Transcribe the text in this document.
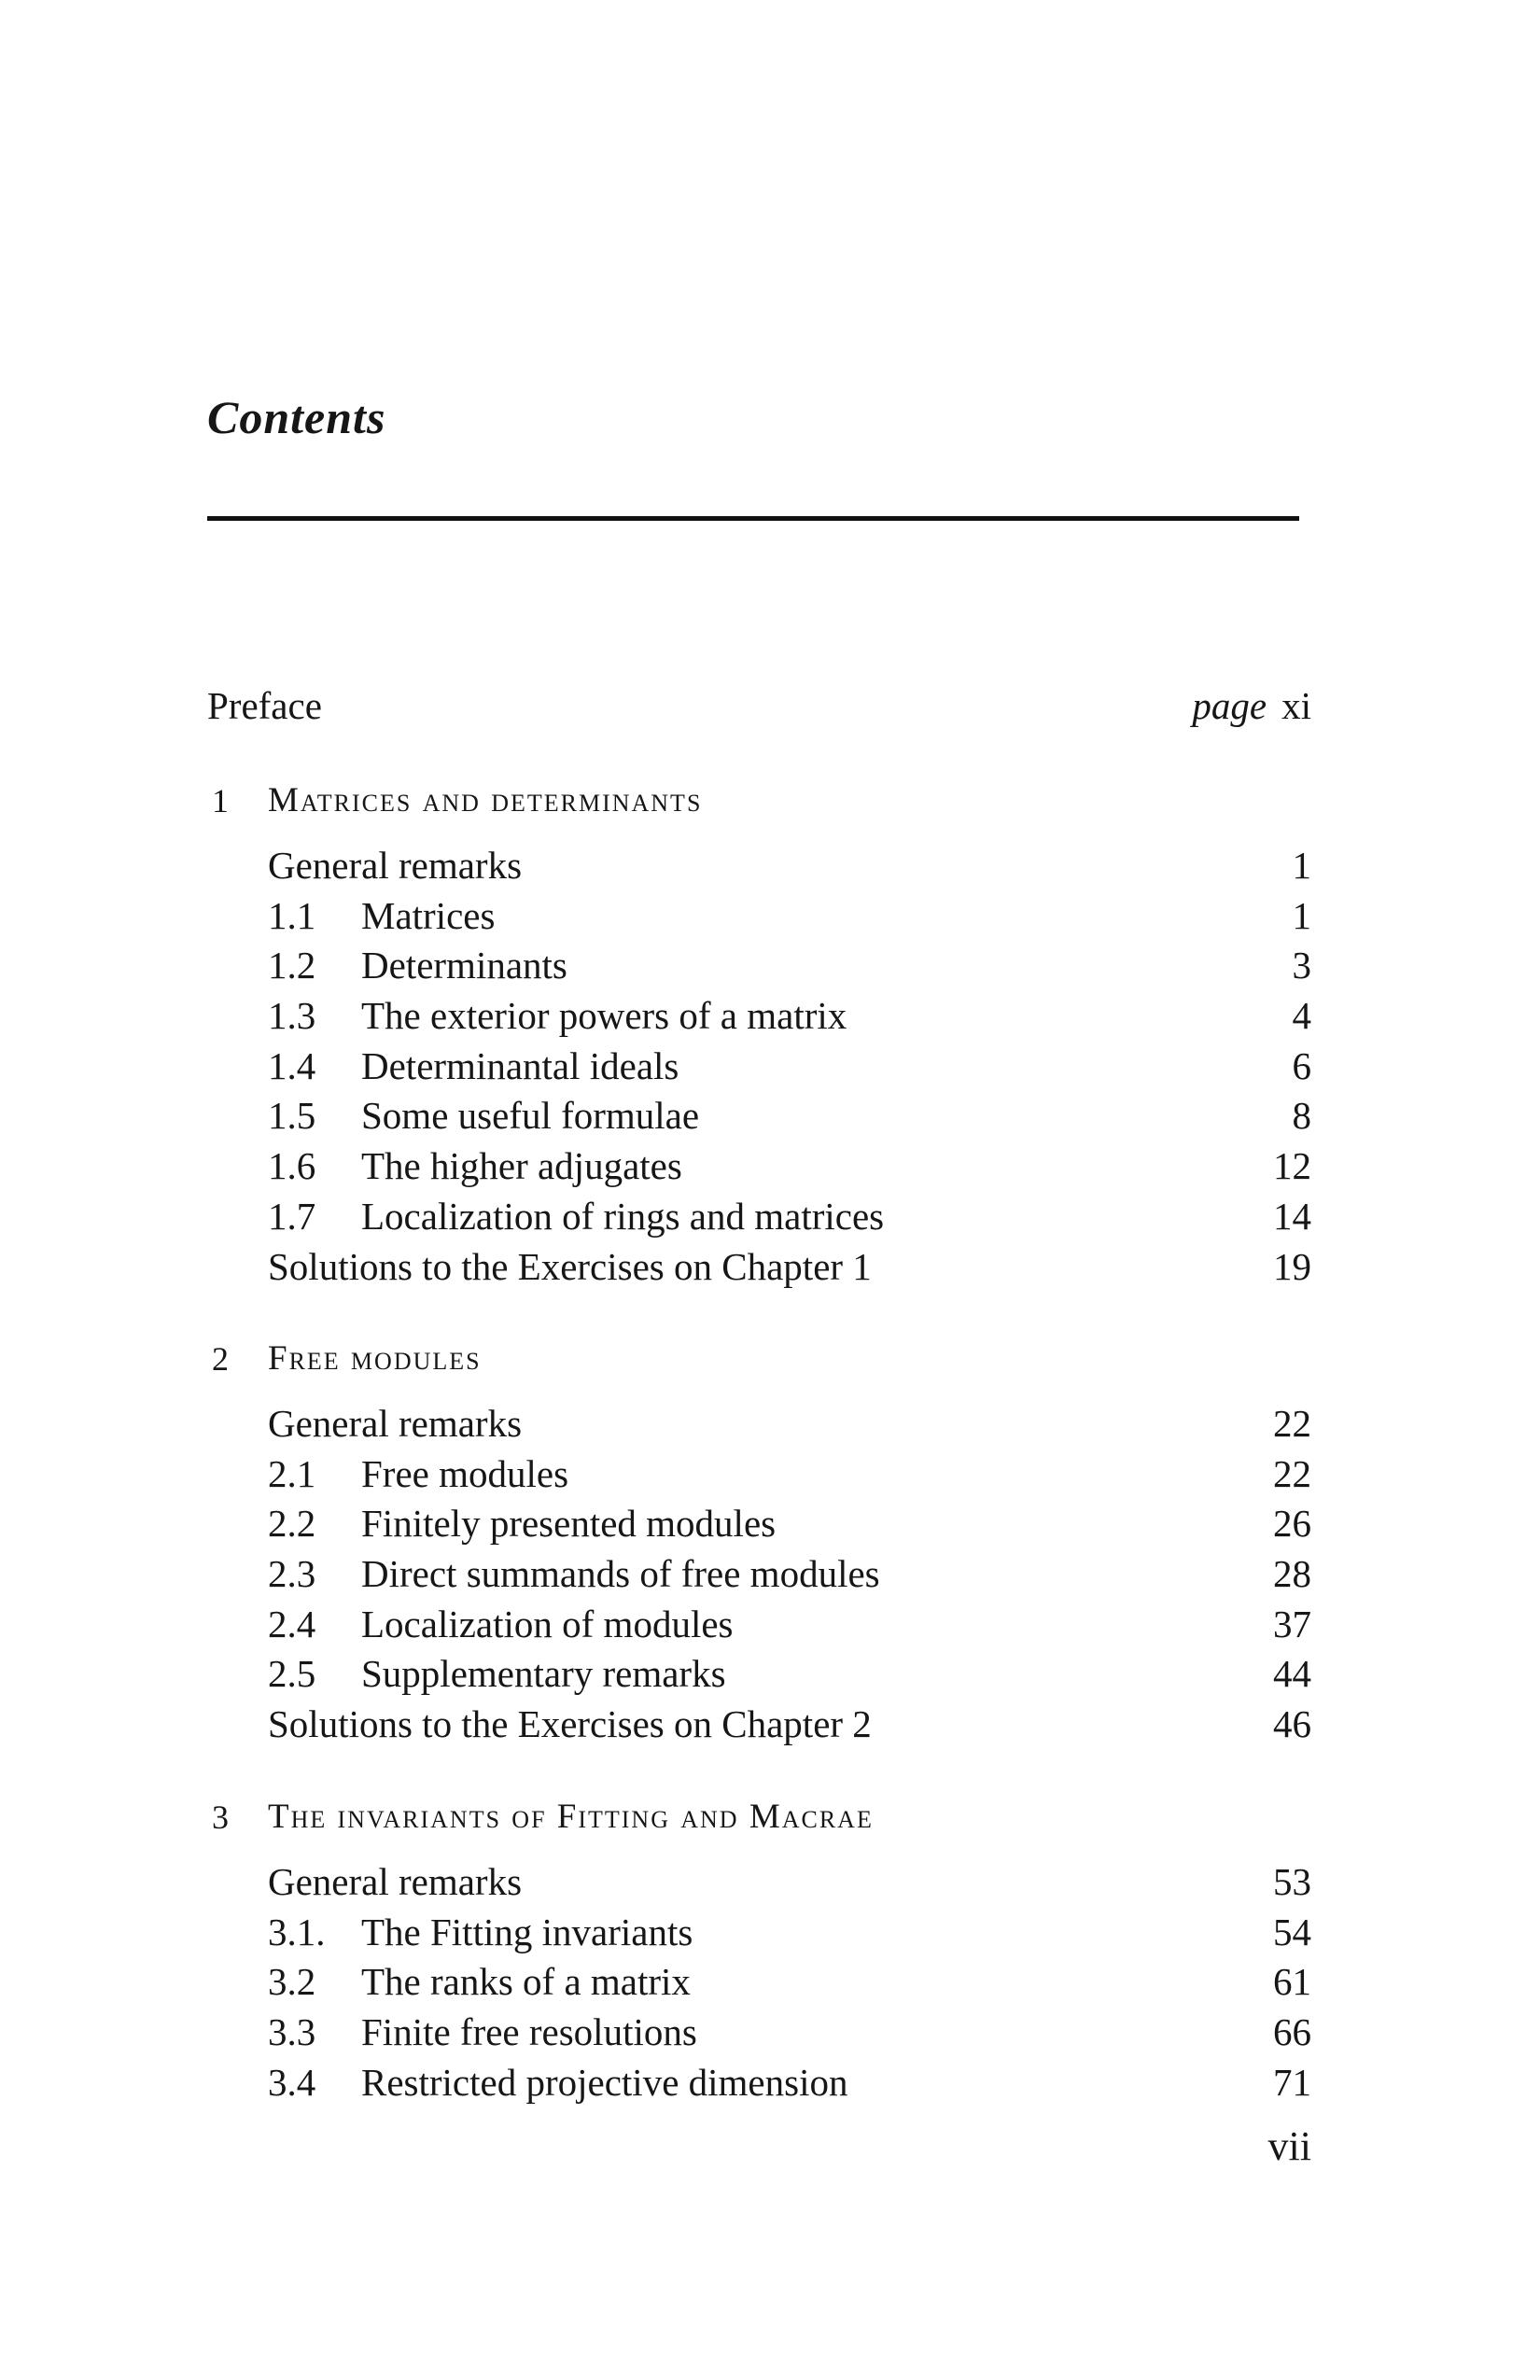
Contents
Preface	page xi
1 Matrices and determinants
General remarks	1
1.1 Matrices	1
1.2 Determinants	3
1.3 The exterior powers of a matrix	4
1.4 Determinantal ideals	6
1.5 Some useful formulae	8
1.6 The higher adjugates	12
1.7 Localization of rings and matrices	14
Solutions to the Exercises on Chapter 1	19
2 Free modules
General remarks	22
2.1 Free modules	22
2.2 Finitely presented modules	26
2.3 Direct summands of free modules	28
2.4 Localization of modules	37
2.5 Supplementary remarks	44
Solutions to the Exercises on Chapter 2	46
3 The invariants of Fitting and Macrae
General remarks	53
3.1. The Fitting invariants	54
3.2 The ranks of a matrix	61
3.3 Finite free resolutions	66
3.4 Restricted projective dimension	71
vii
